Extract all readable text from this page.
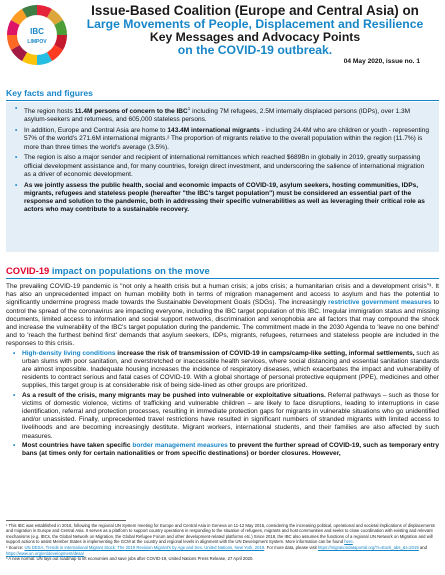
IBC
LIMPOV
Issue-Based Coalition (Europe and Central Asia) on
Large Movements of People, Displacement and Resilience
Key Messages and Advocacy Points
on the COVID-19 outbreak.
04 May 2020, issue no. 1
Key facts and figures
• The region hosts 11.4M persons of concern to the IBC$^1$ including 7M refugees, 2.5M internally displaced persons (IDPs), over 1.3M asylum-seekers and returnees, and 605,000 stateless persons.
• In addition, Europe and Central Asia are home to 143.4M international migrants - including 24.4M who are children or youth - representing 57% of the world's 271.6M international migrants.² The proportion of migrants relative to the overall population within the region (11.7%) is more than three times the world's average (3.5%).
• The region is also a major sender and recipient of international remittances which reached $689Bn in globally in 2019, greatly surpassing official development assistance and, for many countries, foreign direct investment, and underscoring the salience of international migration as a driver of economic development.
• As we jointly assess the public health, social and economic impacts of COVID-19, asylum seekers, hosting communities, IDPs, migrants, refugees and stateless people (hereafter "the IBC's target population") must be considered an essential part of the response and solution to the pandemic, both in addressing their specific vulnerabilities as well as leveraging their critical role as actors who may contribute to a sustainable recovery.
COVID-19 impact on populations on the move

The prevailing COVID-19 pandemic is "not only a health crisis but a human crisis; a jobs crisis; a humanitarian crisis and a development crisis"³. It has also an unprecedented impact on human mobility both in terms of migration management and access to asylum and has the potential to significantly undermine progress made towards the Sustainable Development Goals (SDGs). The increasingly restrictive government measures to control the spread of the coronavirus are impacting everyone, including the IBC target population of this IBC. Irregular immigration status and missing documents, limited access to information and social support networks, discrimination and xenophobia are all factors that may compound the shock and increase the vulnerability of the IBC's target population during the pandemic. The commitment made in the 2030 Agenda to 'leave no one behind' and to 'reach the furthest behind first' demands that asylum seekers, IDPs, migrants, refugees, returnees and stateless people are included in the responses to this crisis.

• High-density living conditions increase the risk of transmission of COVID-19 in camps/camp-like setting, informal settlements, such as urban slums with poor sanitation, and overstretched or inaccessible health services, where social distancing and essential sanitation standards are almost impossible. Inadequate housing increases the incidence of respiratory diseases, which exacerbates the impact and vulnerability of residents to contract serious and fatal cases of COVID-19. With a global shortage of personal protective equipment (PPE), medicines and other supplies, this target group is at considerable risk of being side-lined as other groups are prioritized.
• As a result of the crisis, many migrants may be pushed into vulnerable or exploitative situations. Referral pathways – such as those for victims of domestic violence, victims of trafficking and vulnerable children – are likely to face disruptions, leading to interruptions in case identification, referral and protection processes, resulting in immediate protection gaps for migrants in vulnerable situations who go unidentified and/or unassisted. Finally, unprecedented travel restrictions have resulted in significant numbers of stranded migrants with limited access to livelihoods and are becoming increasingly destitute. Migrant workers, international students, and their families are also affected by such measures.
• Most countries have taken specific border management measures to prevent the further spread of COVID-19, such as temporary entry bans (at times only for certain nationalities or from specific destinations) or border closures. However,

¹ This IBC was established in 2016, following the regional UN System meeting for Europe and Central Asia in Geneva on 11-12 May 2016, considering the increasing political, operational and societal implications of displacements and migration in Europe and Central Asia. It serves as a platform to support country operations in responding to the situation of refugees, migrants and host communities and seeks to close coordination with existing and relevant mechanisms (e.g. IBCs, the Global Network on Migration, the Global Refugee Forum and other development-related platforms etc.) Since 2018, the IBC also assumes the functions of a regional UN Network on Migration and will support actions to assist Member States in implementing the GCM at the country and regional levels in alignment with the UN Development System. More information can be found here.

² Source: UN DESA, Trends in International Migrant Stock: The 2019 Revision Migrant's by Age and Sex. United Nations, New York, 2019. For more data, please visit https://migrationdataportal.org/?i=stock_abs_&t=2019 and https://www.un.org/en/development/desa/

³ A new normal: UN lays out roadmap to lift economies and save jobs after COVID-19, United Nations Press Release, 27 April 2020.
